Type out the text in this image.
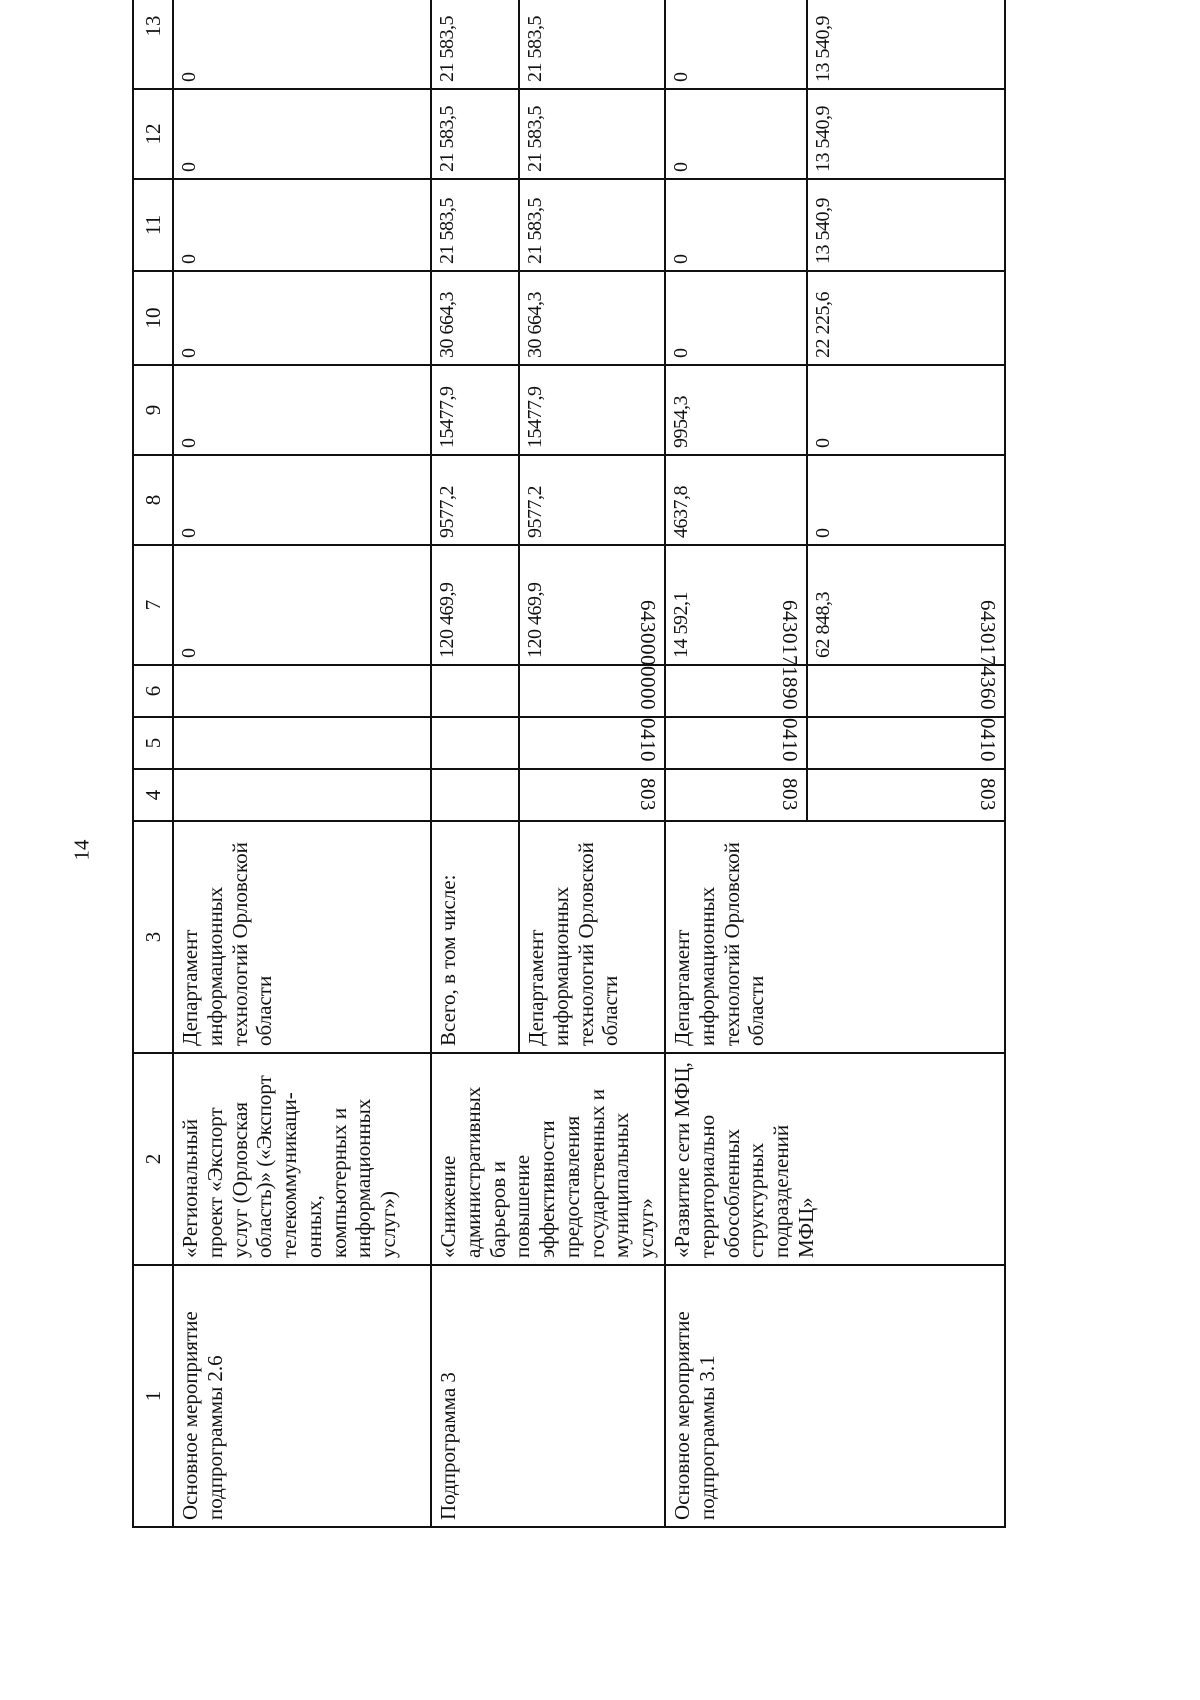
14
1	2	3	4	5	6	7	8	9	10	11	12	13
Основное мероприятие подпрограммы 2.6	«Региональный проект «Экспорт услуг (Орловская область)» («Экспорт телекоммуникаци-онных, компьютерных и информационных услуг»)	Департамент информационных технологий Орловской области				0	0	0	0	0	0	0
Подпрограмма 3	«Снижение административных барьеров и повышение эффективности предоставления государственных и муниципальных услуг»	Всего, в том числе:				120 469,9	9577,2	15477,9	30 664,3	21 583,5	21 583,5	21 583,5
		Департамент информационных технологий Орловской области	803	0410	6430000000	120 469,9	9577,2	15477,9	30 664,3	21 583,5	21 583,5	21 583,5
Основное мероприятие подпрограммы 3.1	«Развитие сети МФЦ, территориально обособленных структурных подразделений МФЦ»	Департамент информационных технологий Орловской области	803	0410	6430171890	14 592,1	4637,8	9954,3	0	0	0	0
			803	0410	6430174360	62 848,3	0	0	22 225,6	13 540,9	13 540,9	13 540,9
